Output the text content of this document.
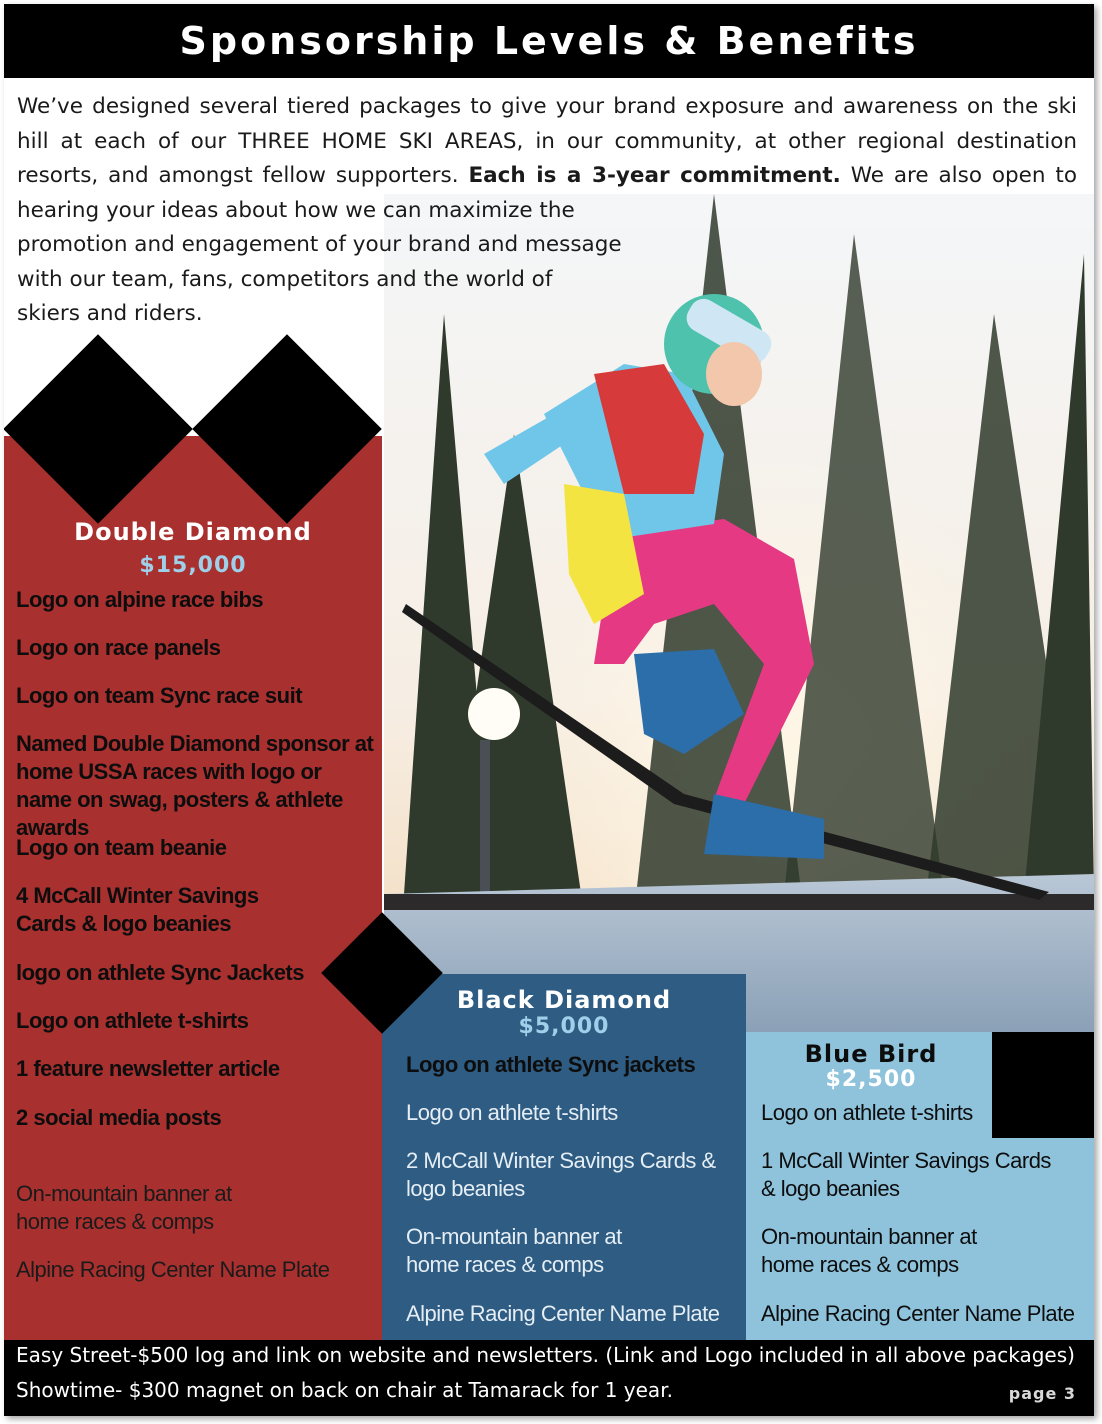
Sponsorship Levels & Benefits

We’ve designed several tiered packages to give your brand exposure and awareness on the ski
hill at each of our THREE HOME SKI AREAS, in our community, at other regional destination
resorts, and amongst fellow supporters. Each is a 3-year commitment. We are also open to
hearing your ideas about how we can maximize the
promotion and engagement of your brand and message
with our team, fans, competitors and the world of
skiers and riders.

Double Diamond

$15,000

Logo on alpine race bibs
Logo on race panels
Logo on team Sync race suit
Named Double Diamond sponsor at home USSA races with logo or name on swag, posters & athlete awards
Logo on team beanie
4 McCall Winter Savings Cards & logo beanies
logo on athlete Sync Jackets
Logo on athlete t-shirts
1 feature newsletter article
2 social media posts
On-mountain banner at home races & comps
Alpine Racing Center Name Plate
Black Diamond

$5,000

Logo on athlete Sync jackets
Logo on athlete t-shirts
2 McCall Winter Savings Cards & logo beanies
On-mountain banner at home races & comps
Alpine Racing Center Name Plate
Blue Bird

$2,500

Logo on athlete t-shirts
1 McCall Winter Savings Cards & logo beanies
On-mountain banner at home races & comps
Alpine Racing Center Name Plate

Easy Street-$500 log and link on website and newsletters. (Link and Logo included in all above packages)

Showtime- $300 magnet on back on chair at Tamarack for 1 year.	page 3
